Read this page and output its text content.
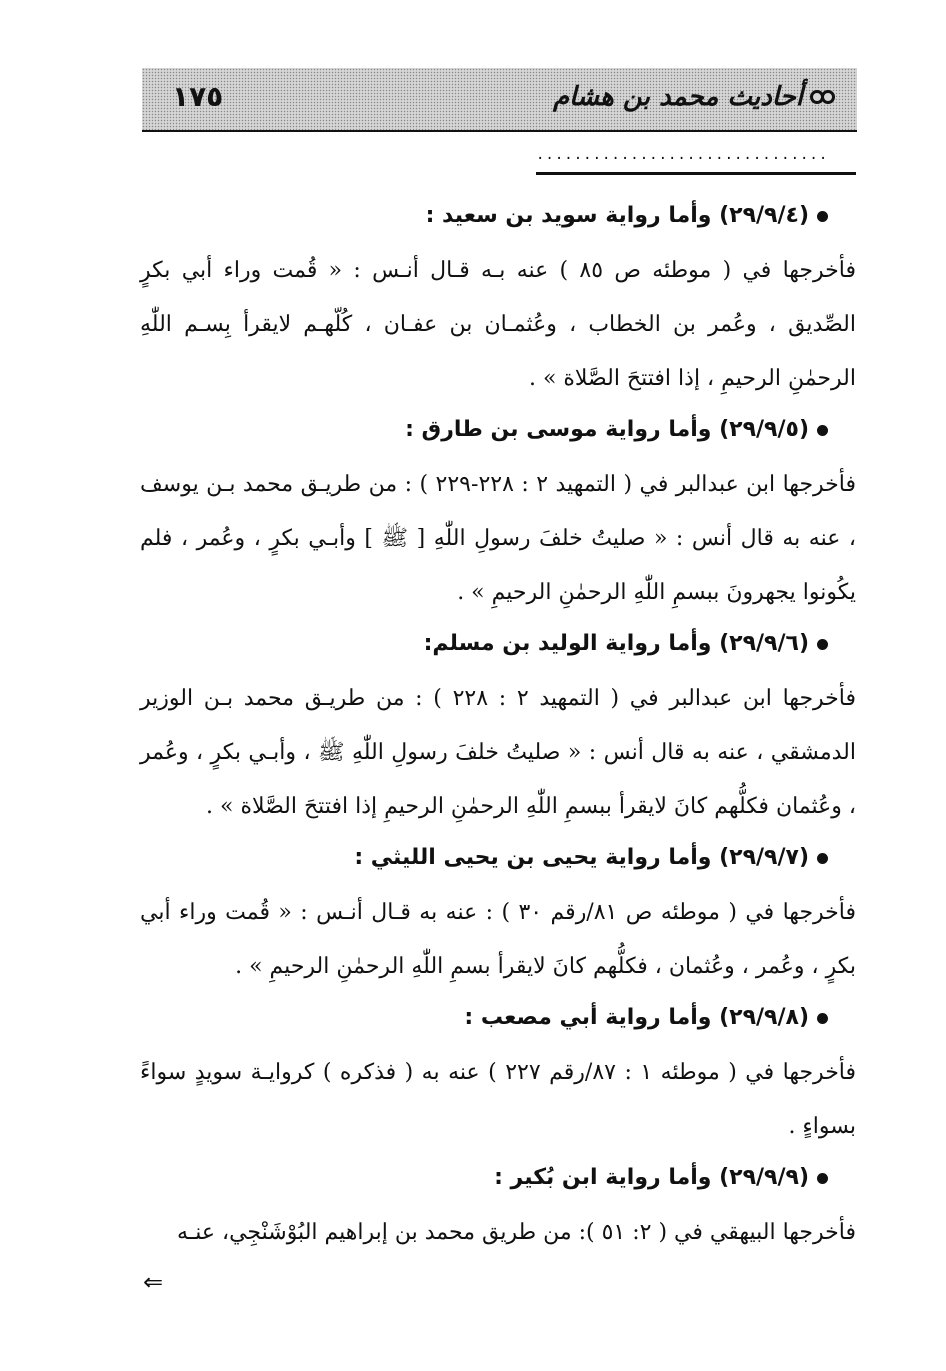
أحاديث محمد بن هشام
١٧٥
...............................
(٢٩/٩/٤) وأما رواية سويد بن سعيد :

فأخرجها في ( موطئه ص ٨٥ ) عنه بـه قـال أنـس : « قُمت وراء أبي بكرٍ الصِّديق ، وعُمر بن الخطاب ، وعُثمـان بن عفـان ، كُلّهـم لايقرأ بِسـم اللّٰهِ الرحمٰنِ الرحيمِ ، إذا افتتحَ الصَّلاة » .

(٢٩/٩/٥) وأما رواية موسى بن طارق :

فأخرجها ابن عبدالبر في ( التمهيد ٢ : ٢٢٨-٢٢٩ ) : من طريـق محمد بـن يوسف ، عنه به قال أنس : « صليتُ خلفَ رسولِ اللّٰهِ [ ﷺ ] وأبـي بكرٍ ، وعُمر ، فلم يكُونوا يجهرونَ ببسمِ اللّٰهِ الرحمٰنِ الرحيمِ » .

(٢٩/٩/٦) وأما رواية الوليد بن مسلم:

فأخرجها ابن عبدالبر في ( التمهيد ٢ : ٢٢٨ ) : من طريـق محمد بـن الوزير الدمشقي ، عنه به قال أنس : « صليتُ خلفَ رسولِ اللّٰهِ ﷺ ، وأبـي بكرٍ ، وعُمر ، وعُثمان فكلُّهم كانَ لايقرأ ببسمِ اللّٰهِ الرحمٰنِ الرحيمِ إذا افتتحَ الصَّلاة » .

(٢٩/٩/٧) وأما رواية يحيى بن يحيى الليثي :

فأخرجها في ( موطئه ص ٨١/رقم ٣٠ ) : عنه به قـال أنـس : « قُمت وراء أبي بكرٍ ، وعُمر ، وعُثمان ، فكلُّهم كانَ لايقرأ بسمِ اللّٰهِ الرحمٰنِ الرحيمِ » .

(٢٩/٩/٨) وأما رواية أبي مصعب :

فأخرجها في ( موطئه ١ : ٨٧/رقم ٢٢٧ ) عنه به ( فذكره ) كروايـة سويدٍ سواءً بسواءٍ .

(٢٩/٩/٩) وأما رواية ابن بُكير :

فأخرجها البيهقي في ( ٢: ٥١ ): من طريق محمد بن إبراهيم البُوْشَنْجِي، عنـه

⇐
